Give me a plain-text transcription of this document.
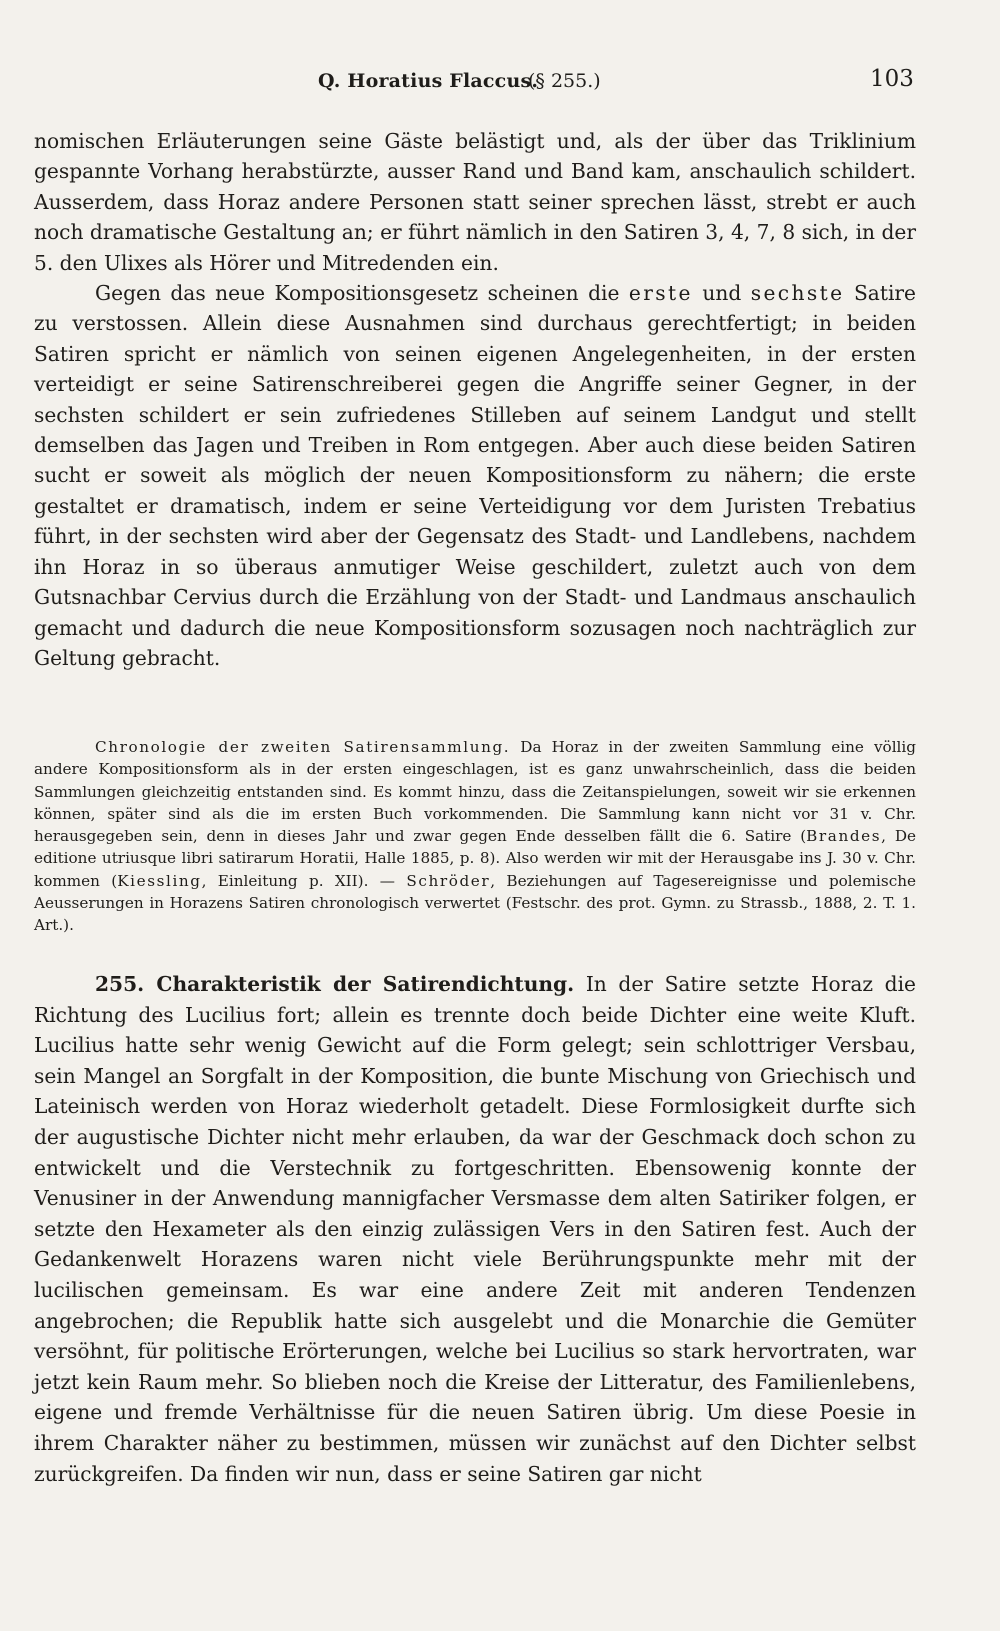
Q. Horatius Flaccus.
(§ 255.)	103

nomischen Erläuterungen seine Gäste belästigt und, als der über das Triklinium gespannte Vorhang herabstürzte, ausser Rand und Band kam, anschaulich schildert. Ausserdem, dass Horaz andere Personen statt seiner sprechen lässt, strebt er auch noch dramatische Gestaltung an; er führt nämlich in den Satiren 3, 4, 7, 8 sich, in der 5. den Ulixes als Hörer und Mitredenden ein.

Gegen das neue Kompositionsgesetz scheinen die erste und sechste Satire zu verstossen. Allein diese Ausnahmen sind durchaus gerechtfertigt; in beiden Satiren spricht er nämlich von seinen eigenen Angelegenheiten, in der ersten verteidigt er seine Satirenschreiberei gegen die Angriffe seiner Gegner, in der sechsten schildert er sein zufriedenes Stilleben auf seinem Landgut und stellt demselben das Jagen und Treiben in Rom entgegen. Aber auch diese beiden Satiren sucht er soweit als möglich der neuen Kompositionsform zu nähern; die erste gestaltet er dramatisch, indem er seine Verteidigung vor dem Juristen Trebatius führt, in der sechsten wird aber der Gegensatz des Stadt- und Landlebens, nachdem ihn Horaz in so überaus anmutiger Weise geschildert, zuletzt auch von dem Gutsnachbar Cervius durch die Erzählung von der Stadt- und Landmaus anschaulich gemacht und dadurch die neue Kompositionsform sozusagen noch nachträglich zur Geltung gebracht.

Chronologie der zweiten Satirensammlung. Da Horaz in der zweiten Sammlung eine völlig andere Kompositionsform als in der ersten eingeschlagen, ist es ganz unwahrscheinlich, dass die beiden Sammlungen gleichzeitig entstanden sind. Es kommt hinzu, dass die Zeitanspielungen, soweit wir sie erkennen können, später sind als die im ersten Buch vorkommenden. Die Sammlung kann nicht vor 31 v. Chr. herausgegeben sein, denn in dieses Jahr und zwar gegen Ende desselben fällt die 6. Satire (Brandes, De editione utriusque libri satirarum Horatii, Halle 1885, p. 8). Also werden wir mit der Herausgabe ins J. 30 v. Chr. kommen (Kiessling, Einleitung p. XII). — Schröder, Beziehungen auf Tagesereignisse und polemische Aeusserungen in Horazens Satiren chronologisch verwertet (Festschr. des prot. Gymn. zu Strassb., 1888, 2. T. 1. Art.).

255. Charakteristik der Satirendichtung. In der Satire setzte Horaz die Richtung des Lucilius fort; allein es trennte doch beide Dichter eine weite Kluft. Lucilius hatte sehr wenig Gewicht auf die Form gelegt; sein schlottriger Versbau, sein Mangel an Sorgfalt in der Komposition, die bunte Mischung von Griechisch und Lateinisch werden von Horaz wiederholt getadelt. Diese Formlosigkeit durfte sich der augustische Dichter nicht mehr erlauben, da war der Geschmack doch schon zu entwickelt und die Verstechnik zu fortgeschritten. Ebensowenig konnte der Venusiner in der Anwendung mannigfacher Versmasse dem alten Satiriker folgen, er setzte den Hexameter als den einzig zulässigen Vers in den Satiren fest. Auch der Gedankenwelt Horazens waren nicht viele Berührungspunkte mehr mit der lucilischen gemeinsam. Es war eine andere Zeit mit anderen Tendenzen angebrochen; die Republik hatte sich ausgelebt und die Monarchie die Gemüter versöhnt, für politische Erörterungen, welche bei Lucilius so stark hervortraten, war jetzt kein Raum mehr. So blieben noch die Kreise der Litteratur, des Familienlebens, eigene und fremde Verhältnisse für die neuen Satiren übrig. Um diese Poesie in ihrem Charakter näher zu bestimmen, müssen wir zunächst auf den Dichter selbst zurückgreifen. Da finden wir nun, dass er seine Satiren gar nicht
